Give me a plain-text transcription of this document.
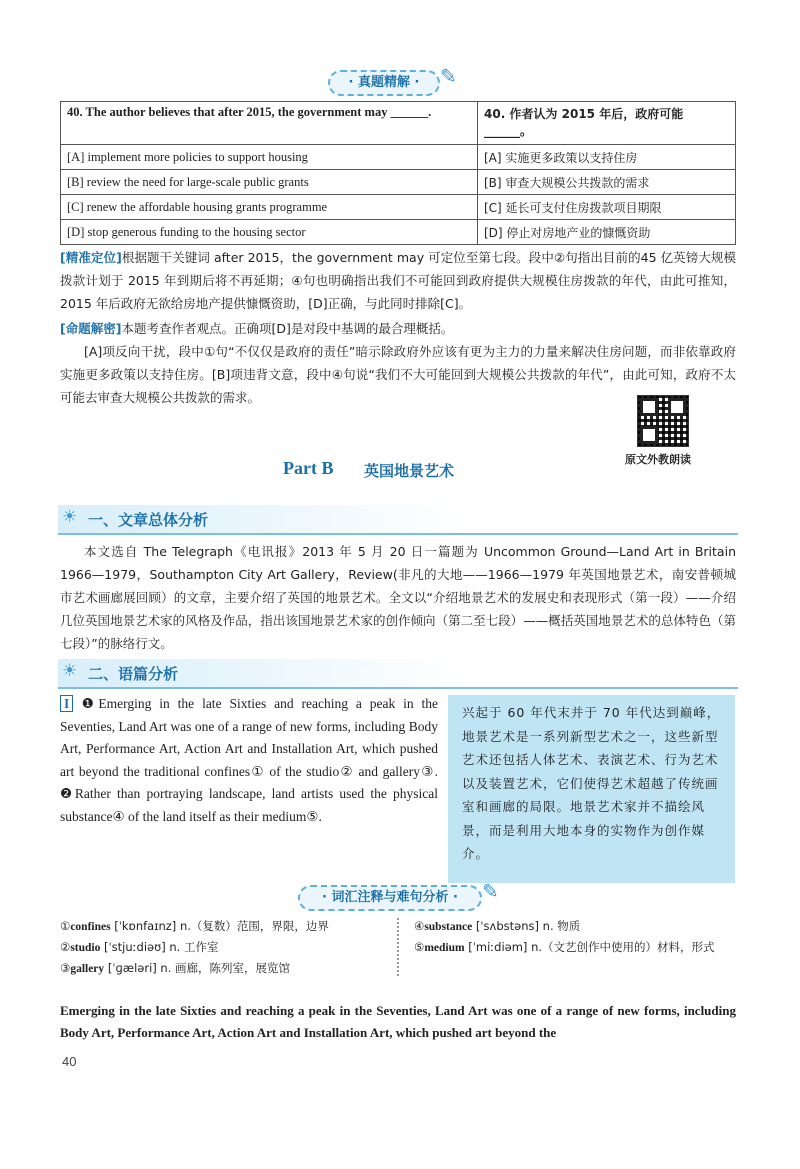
· 真题精解 ·	✎
40. The author believes that after 2015, the government may ______.	40. 作者认为 2015 年后，政府可能______。
[A] implement more policies to support housing	[A] 实施更多政策以支持住房
[B] review the need for large-scale public grants	[B] 审查大规模公共拨款的需求
[C] renew the affordable housing grants programme	[C] 延长可支付住房拨款项目期限
[D] stop generous funding to the housing sector	[D] 停止对房地产业的慷慨资助
[精准定位]根据题干关键词 after 2015，the government may 可定位至第七段。段中②句指出目前的45 亿英镑大规模拨款计划于 2015 年到期后将不再延期；④句也明确指出我们不可能回到政府提供大规模住房拨款的年代，由此可推知，2015 年后政府无欲给房地产提供慷慨资助，[D]正确，与此同时排除[C]。
[命题解密]本题考查作者观点。正确项[D]是对段中基调的最合理概括。
[A]项反向干扰，段中①句“不仅仅是政府的责任”暗示除政府外应该有更为主力的力量来解决住房问题，而非依靠政府实施更多政策以支持住房。[B]项违背文意，段中④句说“我们不大可能回到大规模公共拨款的年代”，由此可知，政府不太可能去审查大规模公共拨款的需求。
原文外教朗读
Part B 英国地景艺术
☀ 一、文章总体分析
本文选自 The Telegraph《电讯报》2013 年 5 月 20 日一篇题为 Uncommon Ground—Land Art in Britain 1966—1979，Southampton City Art Gallery，Review(非凡的大地——1966—1979 年英国地景艺术，南安普顿城市艺术画廊展回顾）的文章，主要介绍了英国的地景艺术。全文以“介绍地景艺术的发展史和表现形式（第一段）——介绍几位英国地景艺术家的风格及作品，指出该国地景艺术家的创作倾向（第二至七段）——概括英国地景艺术的总体特色（第七段）”的脉络行文。
☀ 二、语篇分析
I ❶Emerging in the late Sixties and reaching a peak in the Seventies, Land Art was one of a range of new forms, including Body Art, Performance Art, Action Art and Installation Art, which pushed art beyond the traditional confines① of the studio② and gallery③. ❷Rather than portraying landscape, land artists used the physical substance④ of the land itself as their medium⑤.
兴起于 60 年代末并于 70 年代达到巅峰，地景艺术是一系列新型艺术之一，这些新型艺术还包括人体艺术、表演艺术、行为艺术以及装置艺术，它们使得艺术超越了传统画室和画廊的局限。地景艺术家并不描绘风景，而是利用大地本身的实物作为创作媒介。
· 词汇注释与难句分析 ·	✎
①confines [ˈkɒnfaɪnz] n.（复数）范围，界限，边界
②studio [ˈstjuːdiəʊ] n. 工作室
③gallery [ˈɡæləri] n. 画廊，陈列室，展览馆
④substance [ˈsʌbstəns] n. 物质
⑤medium [ˈmiːdiəm] n.（文艺创作中使用的）材料，形式
Emerging in the late Sixties and reaching a peak in the Seventies, Land Art was one of a range of new forms, including Body Art, Performance Art, Action Art and Installation Art, which pushed art beyond the
40
